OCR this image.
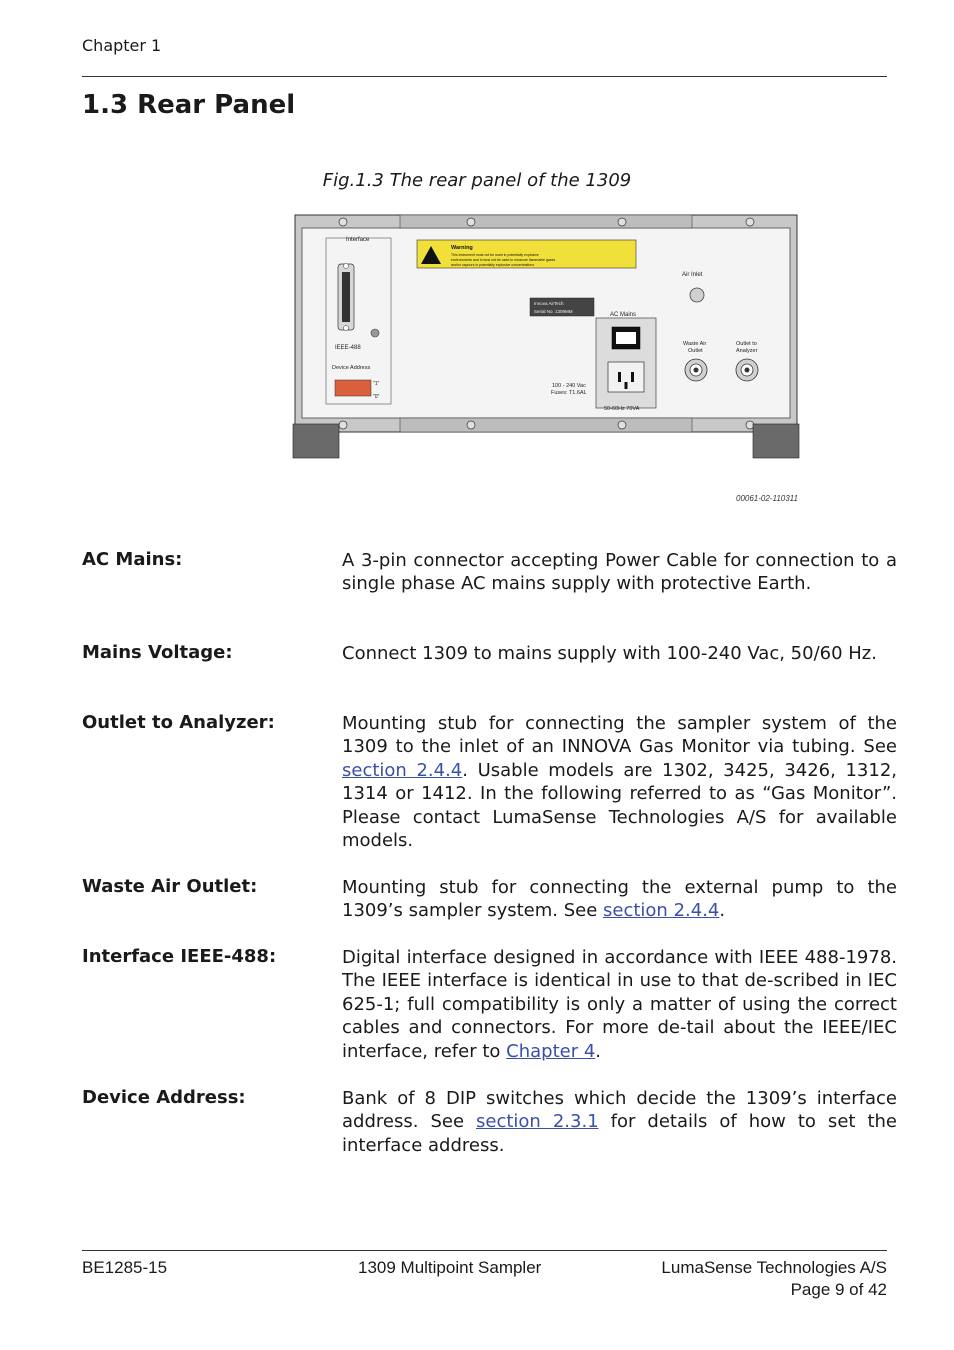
Chapter 1
1.3 Rear Panel
Fig.1.3 The rear panel of the 1309
Interface
IEEE-488
Device Address
"1"
"0"
Warning
This instrument must not be used in potentially explosive
environments and it must not be used to measure flammable gases
and/or vapours in potentially explosive concentrations
Innova AirTech
Serial No. 1309MM
Air Inlet
AC Mains
100 - 240 Vac
Fuses: T1.6AL
50-60Hz 70VA
Waste Air
Outlet
Outlet to
Analyzer
00061-02-110311
AC Mains:	A 3-pin connector accepting Power Cable for connection to a single phase AC mains supply with protective Earth.
Mains Voltage:	Connect 1309 to mains supply with 100-240 Vac, 50/60 Hz.
Outlet to Analyzer:	Mounting stub for connecting the sampler system of the 1309 to the inlet of an INNOVA Gas Monitor via tubing. See section 2.4.4. Usable models are 1302, 3425, 3426, 1312, 1314 or 1412. In the following referred to as “Gas Monitor”. Please contact LumaSense Technologies A/S for available models.
Waste Air Outlet:	Mounting stub for connecting the external pump to the 1309’s sampler system. See section 2.4.4.
Interface IEEE-488:	Digital interface designed in accordance with IEEE 488-1978. The IEEE interface is identical in use to that de-scribed in IEC 625-1; full compatibility is only a matter of using the correct cables and connectors. For more de-tail about the IEEE/IEC interface, refer to Chapter 4.
Device Address:	Bank of 8 DIP switches which decide the 1309’s interface address. See section 2.3.1 for details of how to set the interface address.
BE1285-15	1309 Multipoint Sampler	LumaSense Technologies A/S
Page 9 of 42
